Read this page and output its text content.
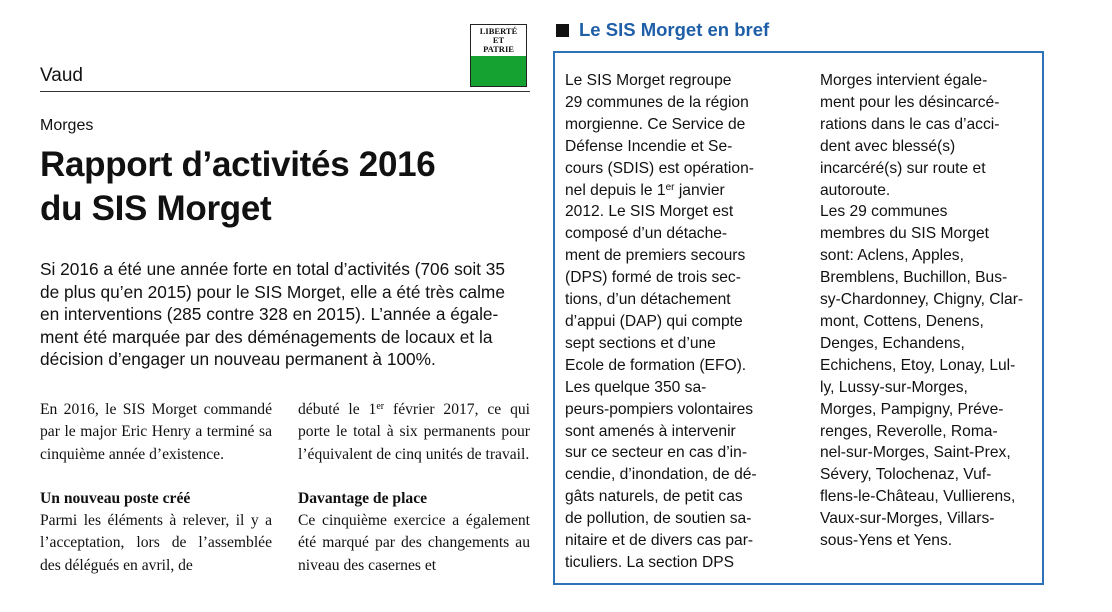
LIBERTÉ
ET
PATRIE
Vaud
Morges
Rapport d’activités 2016
du SIS Morget
Si 2016 a été une année forte en total d’activités (706 soit 35
de plus qu’en 2015) pour le SIS Morget, elle a été très calme
en interventions (285 contre 328 en 2015). L’année a égale-
ment été marquée par des déménagements de locaux et la
décision d’engager un nouveau permanent à 100%.

En 2016, le SIS Morget commandé par le major Eric Henry a terminé sa cinquième année d’existence.

Un nouveau poste créé

Parmi les éléments à relever, il y a l’acceptation, lors de l’assemblée des délégués en avril, de

débuté le 1er février 2017, ce qui porte le total à six permanents pour l’équivalent de cinq unités de travail.

Davantage de place

Ce cinquième exercice a également été marqué par des changements au niveau des casernes et

Le SIS Morget en bref
Le SIS Morget regroupe
29 communes de la région
morgienne. Ce Service de
Défense Incendie et Se-
cours (SDIS) est opération-
nel depuis le 1er janvier
2012. Le SIS Morget est
composé d’un détache-
ment de premiers secours
(DPS) formé de trois sec-
tions, d’un détachement
d’appui (DAP) qui compte
sept sections et d’une
Ecole de formation (EFO).
Les quelque 350 sa-
peurs-pompiers volontaires
sont amenés à intervenir
sur ce secteur en cas d’in-
cendie, d’inondation, de dé-
gâts naturels, de petit cas
de pollution, de soutien sa-
nitaire et de divers cas par-
ticuliers. La section DPS
Morges intervient égale-
ment pour les désincarcé-
rations dans le cas d’acci-
dent avec blessé(s)
incarcéré(s) sur route et
autoroute.
Les 29 communes
membres du SIS Morget
sont: Aclens, Apples,
Bremblens, Buchillon, Bus-
sy-Chardonney, Chigny, Clar-
mont, Cottens, Denens,
Denges, Echandens,
Echichens, Etoy, Lonay, Lul-
ly, Lussy-sur-Morges,
Morges, Pampigny, Préve-
renges, Reverolle, Roma-
nel-sur-Morges, Saint-Prex,
Sévery, Tolochenaz, Vuf-
flens-le-Château, Vullierens,
Vaux-sur-Morges, Villars-
sous-Yens et Yens.
